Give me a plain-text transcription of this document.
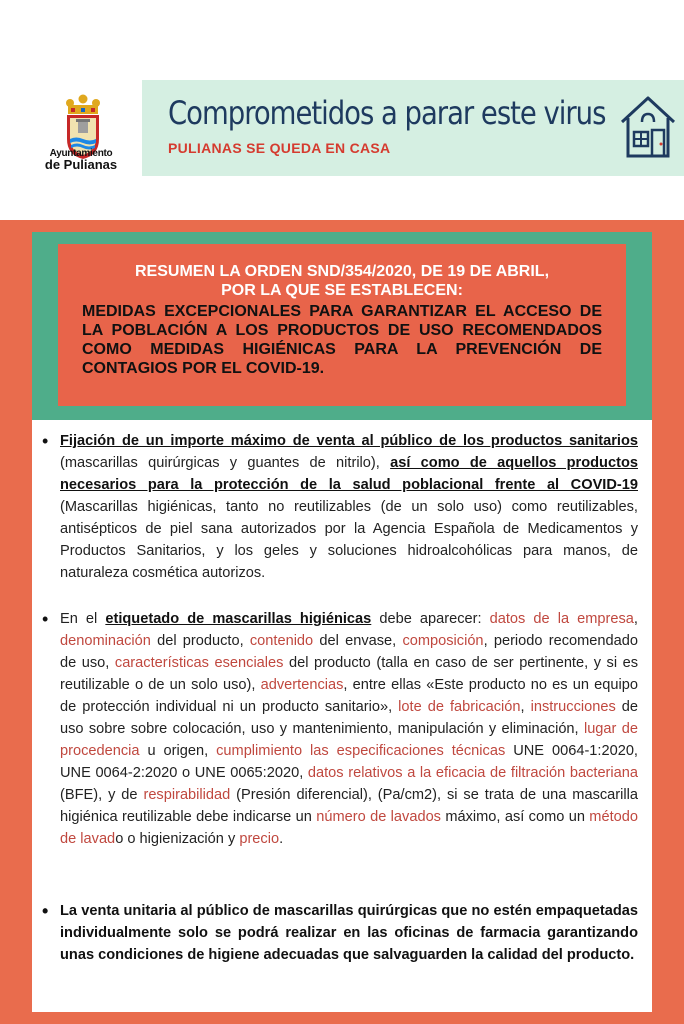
Ayuntamiento
de Pulianas
Comprometidos a parar este virus
PULIANAS SE QUEDA EN CASA
RESUMEN LA ORDEN SND/354/2020, DE 19 DE ABRIL,
POR LA QUE SE ESTABLECEN:
MEDIDAS EXCEPCIONALES PARA GARANTIZAR EL ACCESO DE LA POBLACIÓN A LOS PRODUCTOS DE USO RECOMENDADOS COMO MEDIDAS HIGIÉNICAS PARA LA PREVENCIÓN DE CONTAGIOS POR EL COVID-19.
• Fijación de un importe máximo de venta al público de los productos sanitarios (mascarillas quirúrgicas y guantes de nitrilo), así como de aquellos productos necesarios para la protección de la salud poblacional frente al COVID-19 (Mascarillas higiénicas, tanto no reutilizables (de un solo uso) como reutilizables, antisépticos de piel sana autorizados por la Agencia Española de Medicamentos y Productos Sanitarios, y los geles y soluciones hidroalcohólicas para manos, de naturaleza cosmética autorizos.
• En el etiquetado de mascarillas higiénicas debe aparecer: datos de la empresa, denominación del producto, contenido del envase, composición, periodo recomendado de uso, características esenciales del producto (talla en caso de ser pertinente, y si es reutilizable o de un solo uso), advertencias, entre ellas «Este producto no es un equipo de protección individual ni un producto sanitario», lote de fabricación, instrucciones de uso sobre sobre colocación, uso y mantenimiento, manipulación y eliminación, lugar de procedencia u origen, cumplimiento las especificaciones técnicas UNE 0064-1:2020, UNE 0064-2:2020 o UNE 0065:2020, datos relativos a la eficacia de filtración bacteriana (BFE), y de respirabilidad (Presión diferencial), (Pa/cm2), si se trata de una mascarilla higiénica reutilizable debe indicarse un número de lavados máximo, así como un método de lavado o higienización y precio.
• La venta unitaria al público de mascarillas quirúrgicas que no estén empaquetadas individualmente solo se podrá realizar en las oficinas de farmacia garantizando unas condiciones de higiene adecuadas que salvaguarden la calidad del producto.
